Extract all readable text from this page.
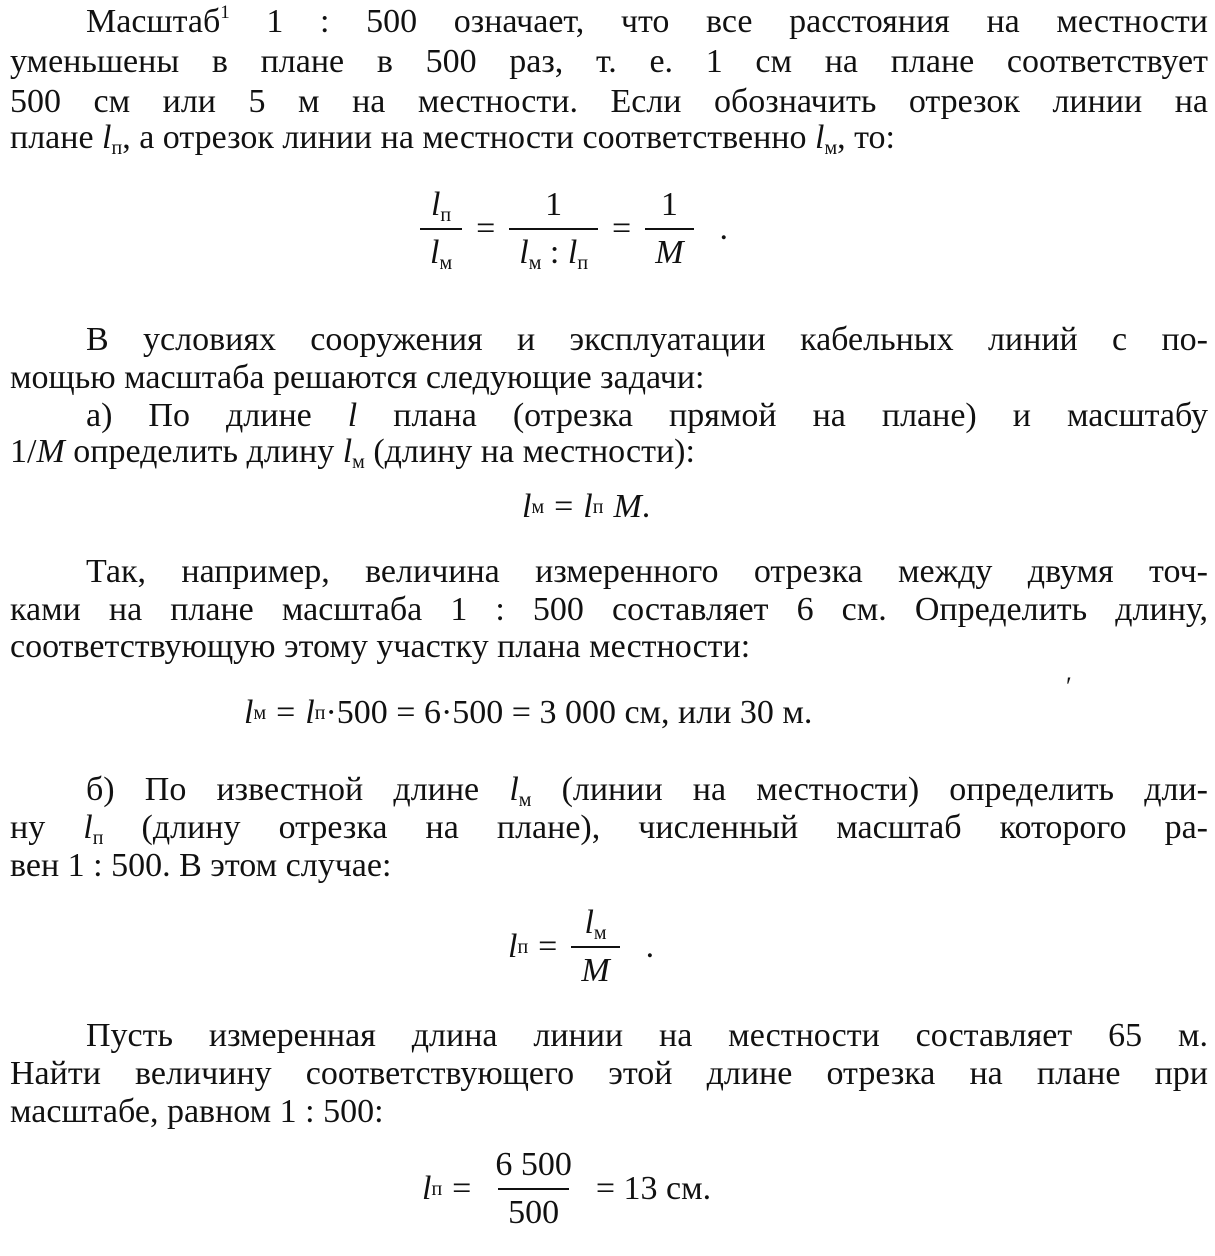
Масштаб$^1$ 1 : 500 означает, что все расстояния на местности
уменьшены в плане в 500 раз, т. е. 1 см на плане соответствует
500 см или 5 м на местности. Если обозначить отрезок линии на
плане $l_п$, а отрезок линии на местности соответственно $l_м$, то:
$\frac{l_п}{l_м} = \frac{1}{l_м : l_п} = \frac{1}{M}$ .
В условиях сооружения и эксплуатации кабельных линий с по-
мощью масштаба решаются следующие задачи:
а) По длине l плана (отрезка прямой на плане) и масштабу
1/M определить длину $l_м$ (длину на местности):
l м = l п M .
Так, например, величина измеренного отрезка между двумя точ-
ками на плане масштаба 1 : 500 составляет 6 см. Определить длину,
соответствующую этому участку плана местности:
′
l м = l п · 500 = 6·500 = 3 000 см, или 30 м.
б) По известной длине $l_м$ (линии на местности) определить дли-
ну $l_п$ (длину отрезка на плане), численный масштаб которого ра-
вен 1 : 500. В этом случае:
l $п = \frac{l_м}{M}$ .
Пусть измеренная длина линии на местности составляет 65 м.
Найти величину соответствующего этой длине отрезка на плане при
масштабе, равном 1 : 500:
l $п = \frac{6 500}{500} = 13$ см.
